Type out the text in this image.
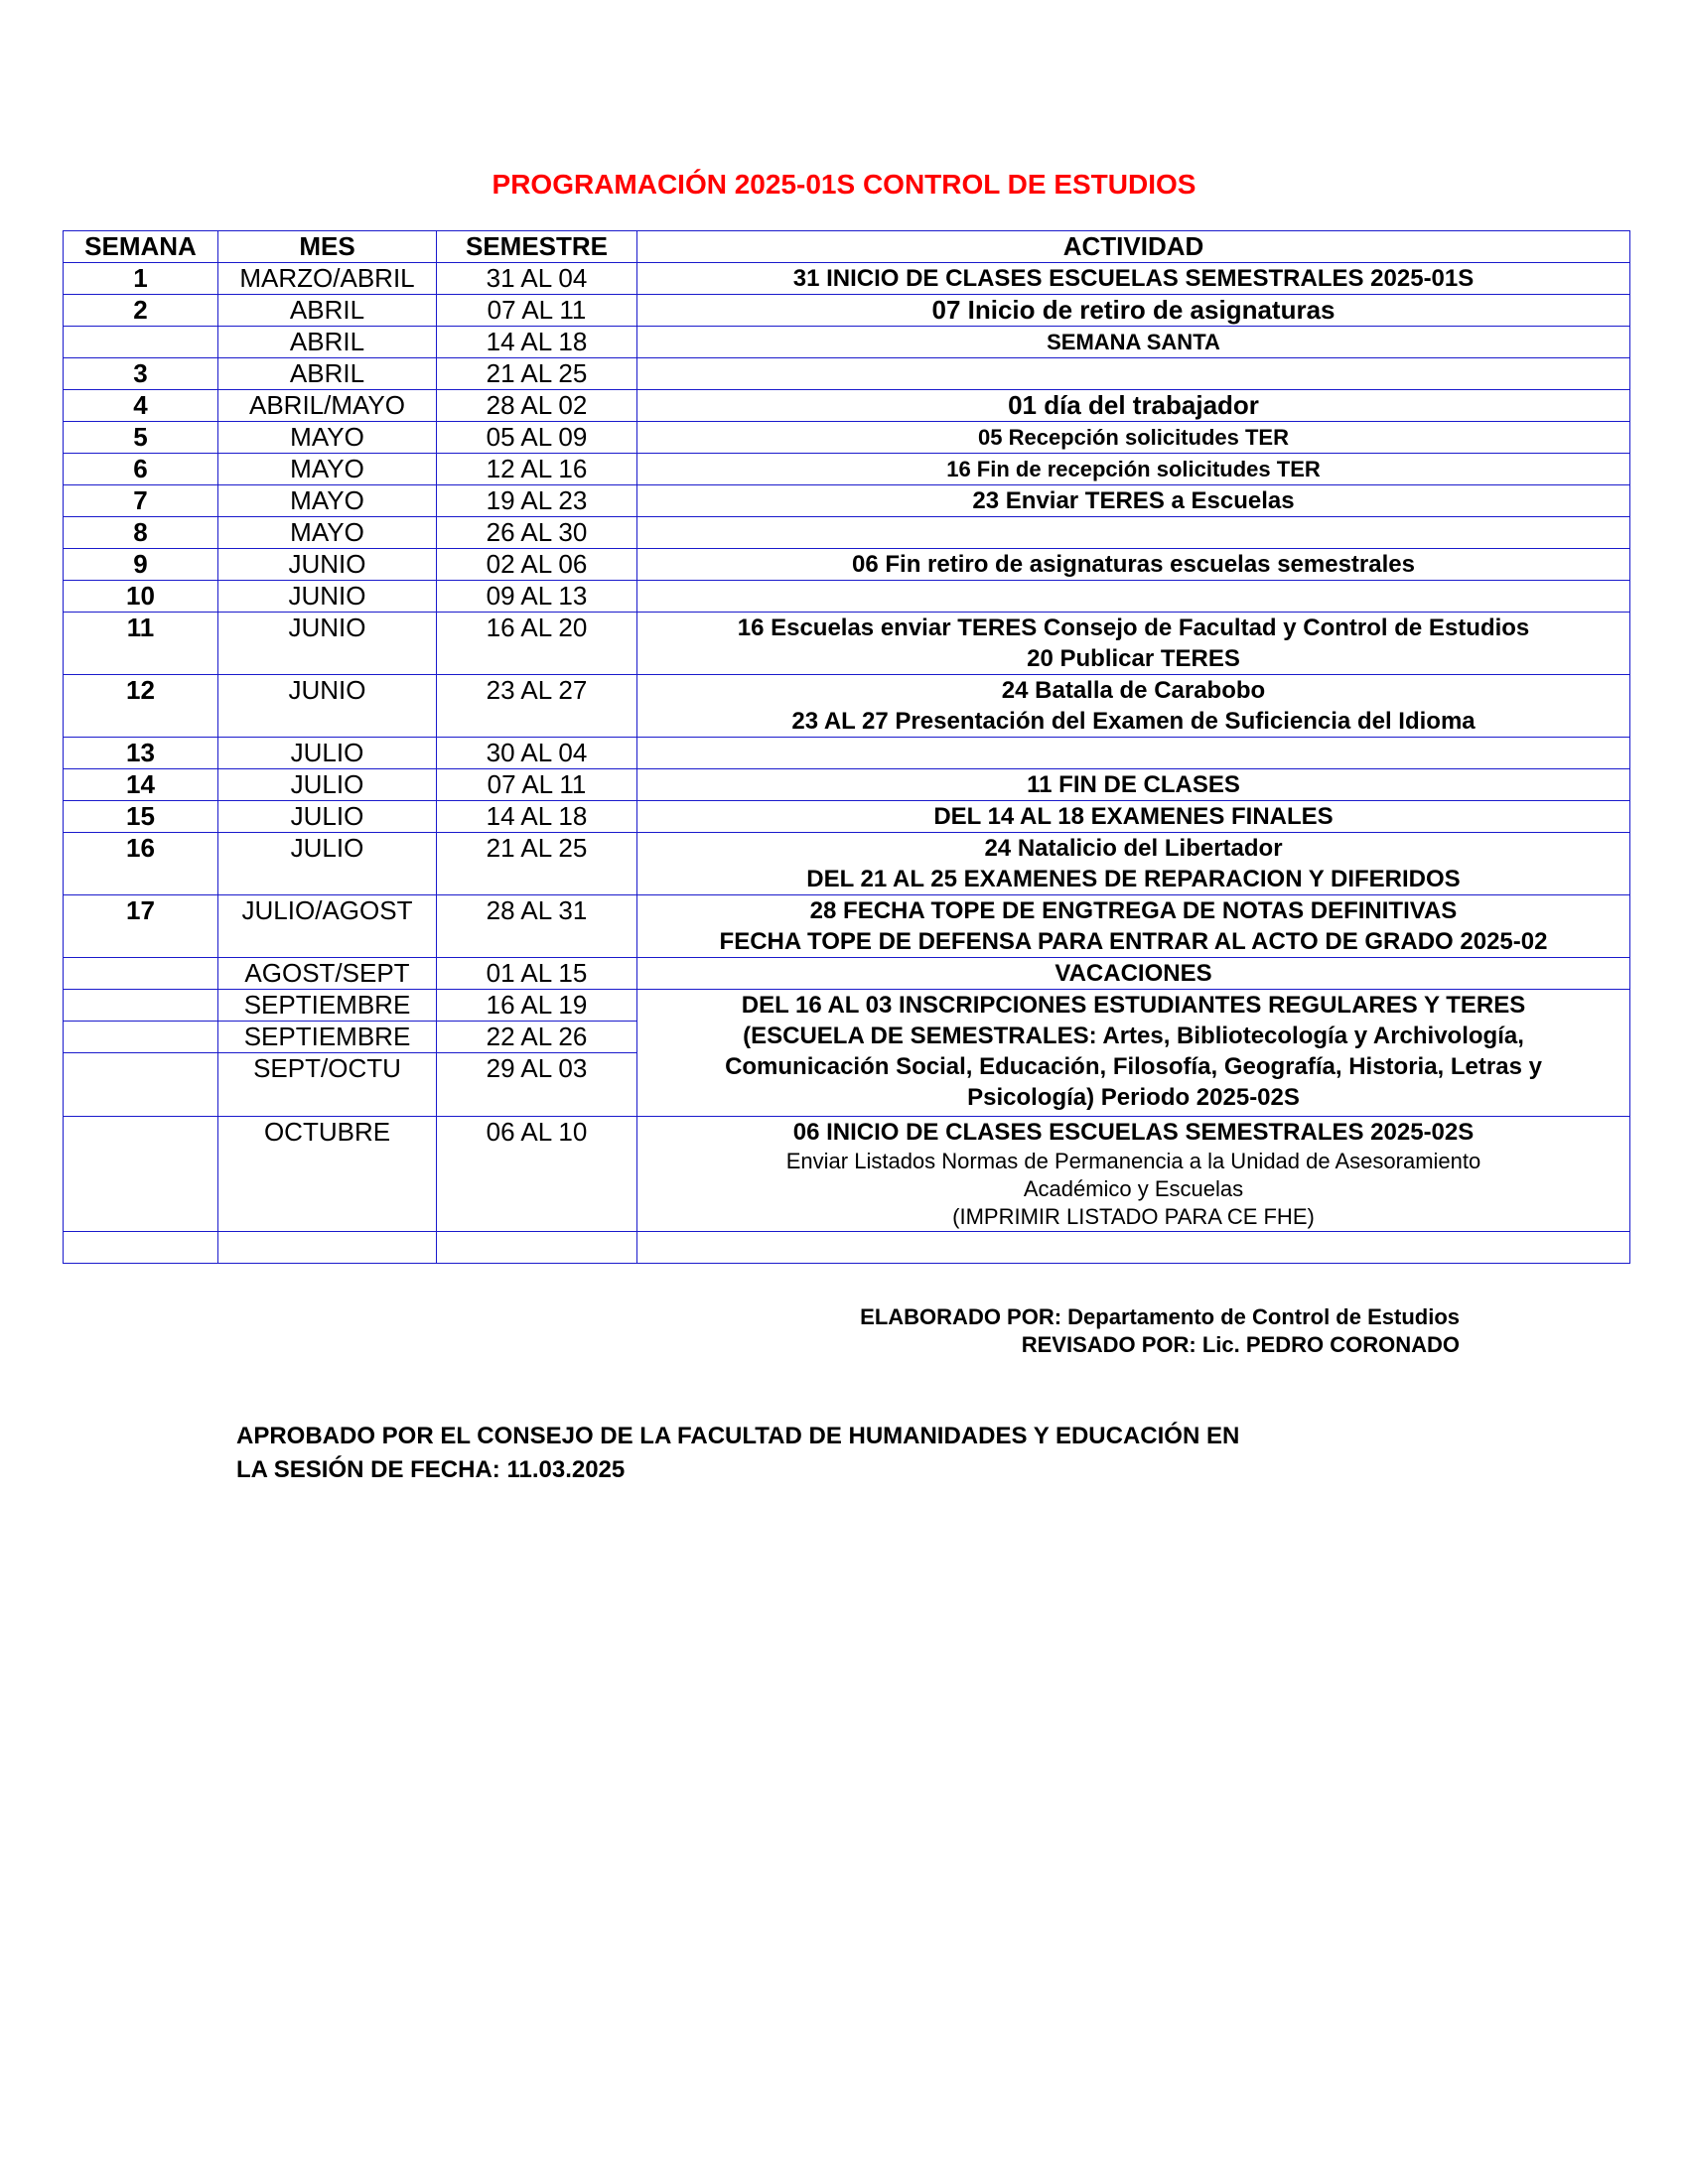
PROGRAMACIÓN 2025-01S CONTROL DE ESTUDIOS
SEMANA	MES	SEMESTRE	ACTIVIDAD
1	MARZO/ABRIL	31 AL 04	31 INICIO DE CLASES ESCUELAS SEMESTRALES 2025-01S

2	ABRIL	07 AL 11	07 Inicio de retiro de asignaturas

	ABRIL	14 AL 18	SEMANA SANTA

3	ABRIL	21 AL 25	
4	ABRIL/MAYO	28 AL 02	01 día del trabajador

5	MAYO	05 AL 09	05 Recepción solicitudes TER

6	MAYO	12 AL 16	16 Fin de recepción solicitudes TER

7	MAYO	19 AL 23	23 Enviar TERES a Escuelas

8	MAYO	26 AL 30	
9	JUNIO	02 AL 06	06 Fin retiro de asignaturas escuelas semestrales

10	JUNIO	09 AL 13	
11	JUNIO	16 AL 20	16 Escuelas enviar TERES Consejo de Facultad y Control de Estudios
20 Publicar TERES

12	JUNIO	23 AL 27	24 Batalla de Carabobo
23 AL 27 Presentación del Examen de Suficiencia del Idioma

13	JULIO	30 AL 04	
14	JULIO	07 AL 11	11 FIN DE CLASES

15	JULIO	14 AL 18	DEL 14 AL 18 EXAMENES FINALES

16	JULIO	21 AL 25	24 Natalicio del Libertador
DEL 21 AL 25 EXAMENES DE REPARACION Y DIFERIDOS

17	JULIO/AGOST	28 AL 31	28 FECHA TOPE DE ENGTREGA DE NOTAS DEFINITIVAS
FECHA TOPE DE DEFENSA PARA ENTRAR AL ACTO DE GRADO 2025-02

	AGOST/SEPT	01 AL 15	VACACIONES

	SEPTIEMBRE	16 AL 19	DEL 16 AL 03 INSCRIPCIONES ESTUDIANTES REGULARES Y TERES
(ESCUELA DE SEMESTRALES: Artes, Bibliotecología y Archivología,
Comunicación Social, Educación, Filosofía, Geografía, Historia, Letras y
Psicología) Periodo 2025-02S

	SEPTIEMBRE	22 AL 26	
	SEPT/OCTU	29 AL 03	
	OCTUBRE	06 AL 10	06 INICIO DE CLASES ESCUELAS SEMESTRALES 2025-02S
Enviar Listados Normas de Permanencia a la Unidad de Asesoramiento
Académico y Escuelas
(IMPRIMIR LISTADO PARA CE FHE)

ELABORADO POR: Departamento de Control de Estudios
REVISADO POR: Lic. PEDRO CORONADO
APROBADO POR EL CONSEJO DE LA FACULTAD DE HUMANIDADES Y EDUCACIÓN EN
LA SESIÓN DE FECHA: 11.03.2025
